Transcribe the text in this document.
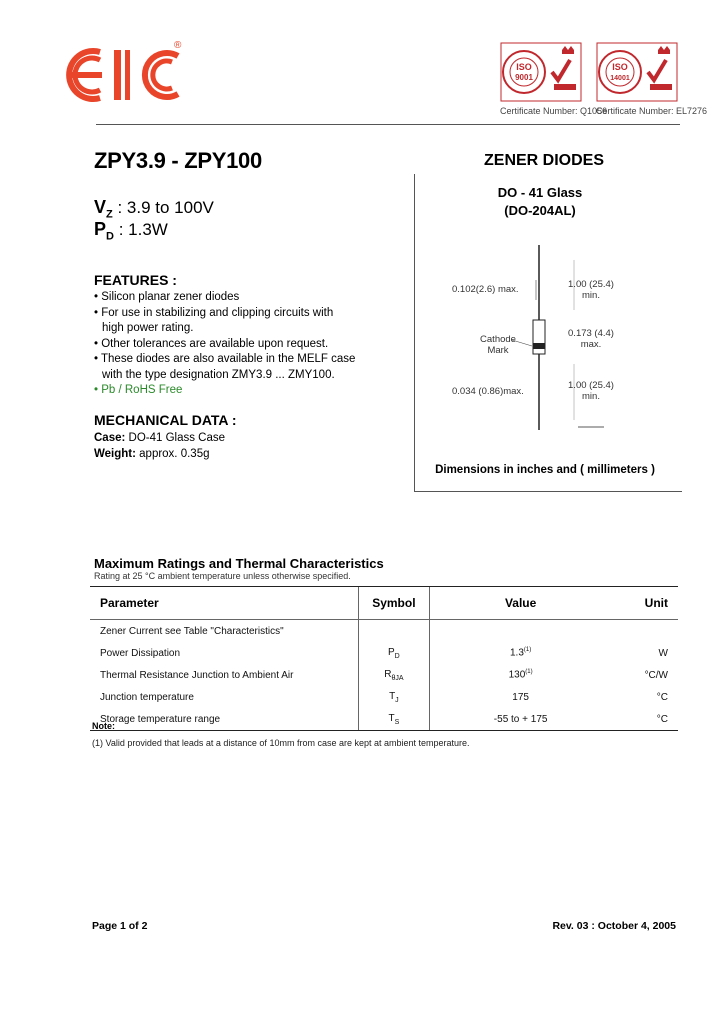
®
ISO
9001
Certificate Number: Q1056
ISO
14001
Certificate Number: EL7276
ZPY3.9 - ZPY100	ZENER DIODES
DO - 41 Glass
(DO-204AL)
$V_Z$ : 3.9 to 100V
$P_D$ : 1.3W
FEATURES :
• Silicon planar zener diodes
• For use in stabilizing and clipping circuits with
high power rating.
• Other tolerances are available upon request.
• These diodes are also available in the MELF case
with the type designation ZMY3.9 ... ZMY100.
• Pb / RoHS Free
MECHANICAL DATA :
Case: DO-41 Glass Case
Weight: approx. 0.35g
0.102(2.6) max.	1.00 (25.4)
min.
Cathode
Mark
0.173 (4.4)
max.
0.034 (0.86)max.
1.00 (25.4)
min.
Dimensions in inches and ( millimeters )
Maximum Ratings and Thermal Characteristics
Rating at 25 °C ambient temperature unless otherwise specified.
Parameter	Symbol	Value	Unit
Zener Current see Table "Characteristics"			
Power Dissipation	$P_D$	1.3$^{(1)}$	W
Thermal Resistance Junction to Ambient Air	$R_{\theta JA}$	130$^{(1)}$	°C/W
Junction temperature	$T_J$	175	°C
Storage temperature range	$T_S$	-55 to + 175	°C
Note:
(1) Valid provided that leads at a distance of 10mm from case are kept at ambient temperature.
Page 1 of 2	Rev. 03 : October 4, 2005
